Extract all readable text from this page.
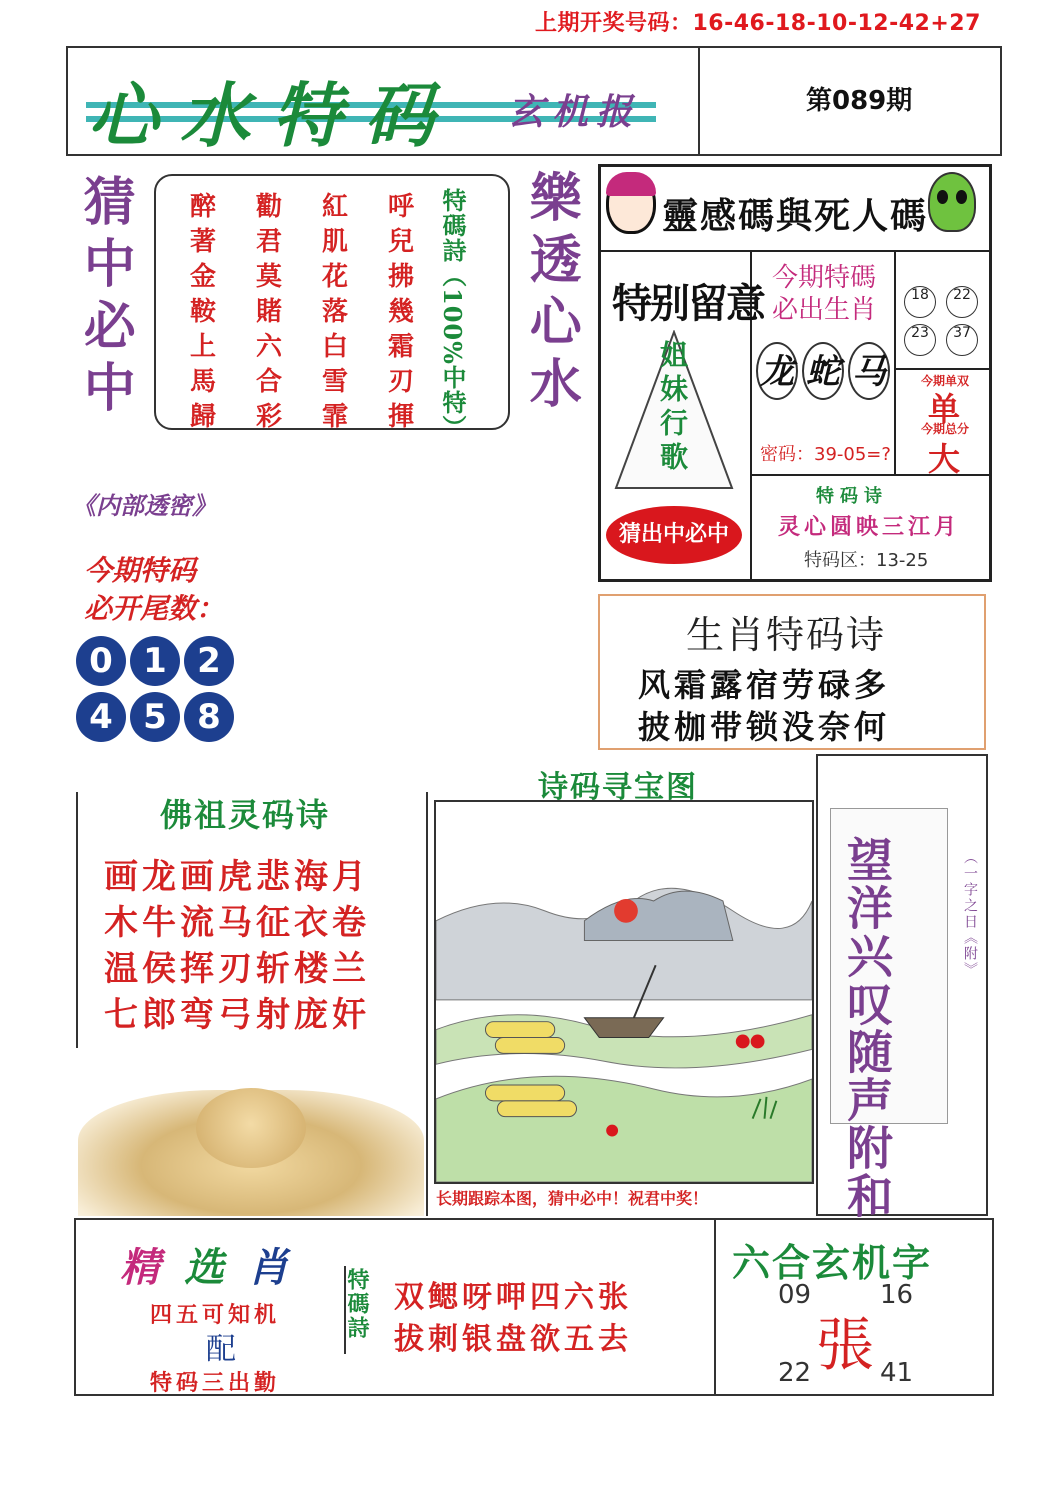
上期开奖号码：16-46-18-10-12-42+27
心水特码 玄机报	第089期
猜中必中	樂透心水
醉	勸	紅	呼
著	君	肌	兒
金	莫	花	拂
鞍	賭	落	幾
上	六	白	霜
馬	合	雪	刃
歸	彩	霏	揮	特碼詩（100%中特）	靈感碼與死人碼
特别留意
姐妹行歌
猜出中必中
今期特碼必出生肖
龙 蛇 马
密码：39-05=?
18	22
23	37
今期单双
单
今期总分
大
特码诗
灵心圆映三江月
特码区：13-25
《内部透密》
今期特码
必开尾数：
0 1 2
4 5 8
生肖特码诗
风霜露宿劳碌多
披枷带锁没奈何
佛祖灵码诗
画龙画虎悲海月
木牛流马征衣卷
温侯挥刃斩楼兰
七郎弯弓射庞奸
诗码寻宝图
长期跟踪本图，猜中必中！祝君中奖！	望洋兴叹随声附和	（一字之日《附》
精选肖
四五可知机
配
特码三出勤
特碼詩 双鳃呀呷四六张
拔刺银盘欲五去
六合玄机字
09	16
22	41
張
